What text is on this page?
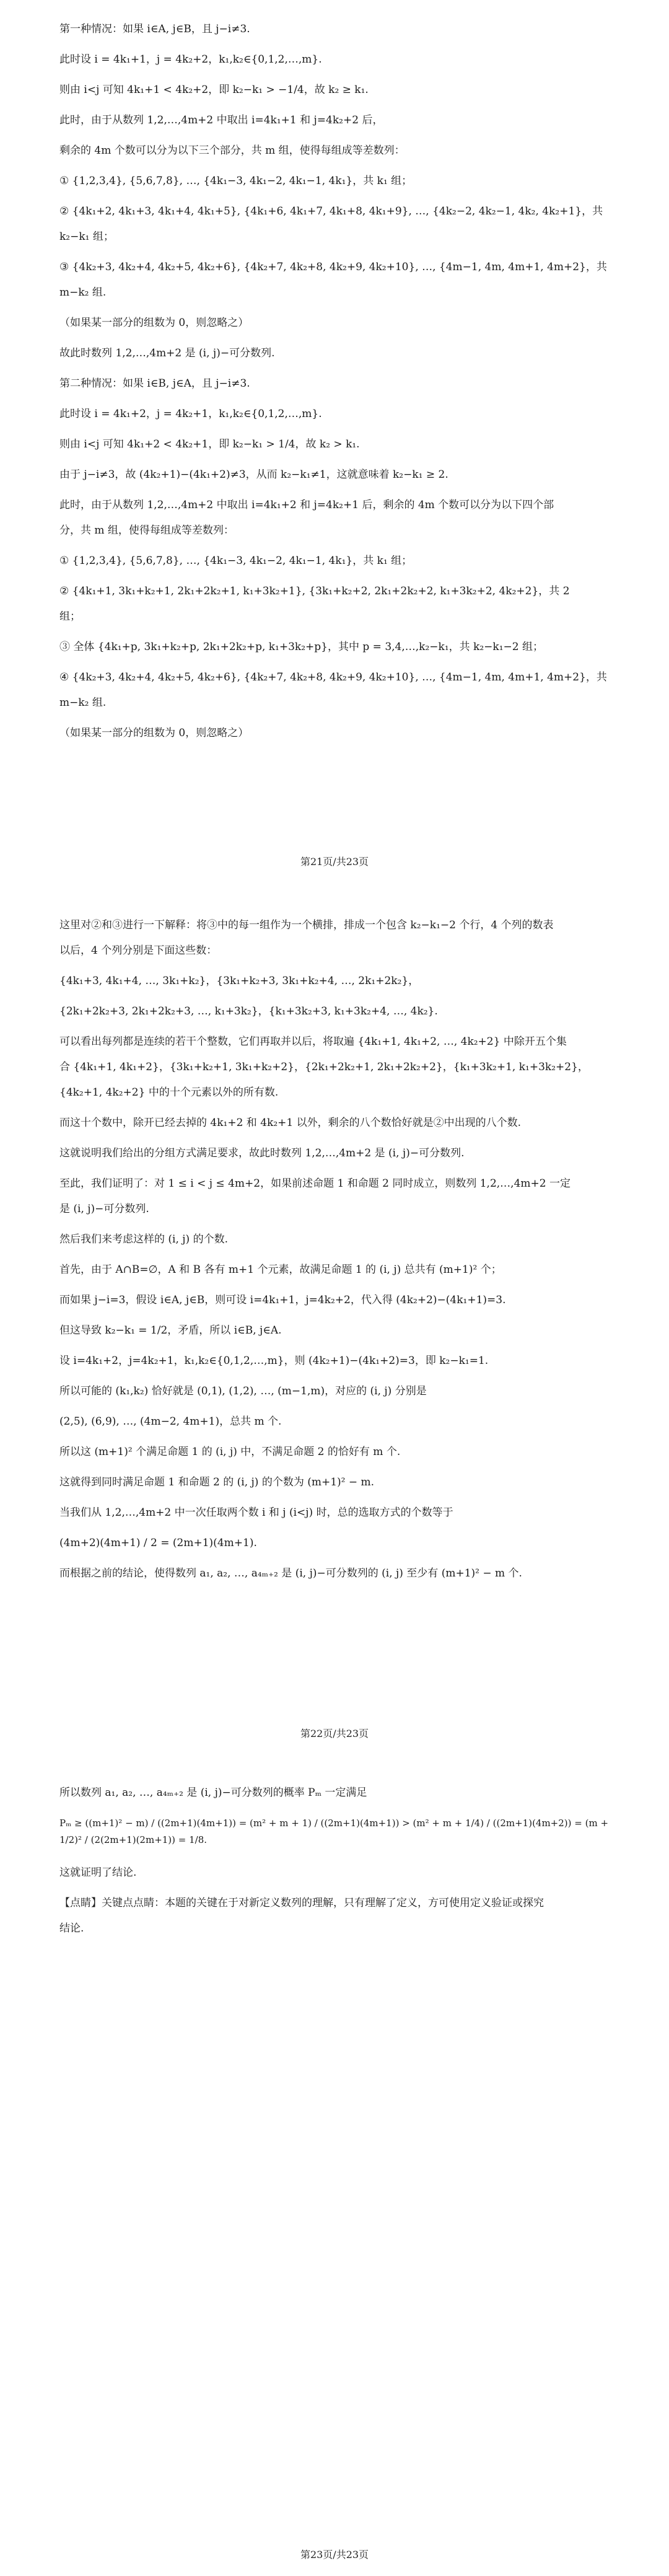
第一种情况：如果 i∈A, j∈B，且 j−i≠3.

此时设 i = 4k₁+1，j = 4k₂+2，k₁,k₂∈{0,1,2,…,m}.

则由 i<j 可知 4k₁+1 < 4k₂+2，即 k₂−k₁ > −1/4，故 k₂ ≥ k₁.

此时，由于从数列 1,2,…,4m+2 中取出 i=4k₁+1 和 j=4k₂+2 后，

剩余的 4m 个数可以分为以下三个部分，共 m 组，使得每组成等差数列：

① {1,2,3,4}, {5,6,7,8}, …, {4k₁−3, 4k₁−2, 4k₁−1, 4k₁}，共 k₁ 组；

② {4k₁+2, 4k₁+3, 4k₁+4, 4k₁+5}, {4k₁+6, 4k₁+7, 4k₁+8, 4k₁+9}, …, {4k₂−2, 4k₂−1, 4k₂, 4k₂+1}，共

k₂−k₁ 组；

③ {4k₂+3, 4k₂+4, 4k₂+5, 4k₂+6}, {4k₂+7, 4k₂+8, 4k₂+9, 4k₂+10}, …, {4m−1, 4m, 4m+1, 4m+2}，共

m−k₂ 组.

（如果某一部分的组数为 0，则忽略之）

故此时数列 1,2,…,4m+2 是 (i, j)−可分数列.

第二种情况：如果 i∈B, j∈A，且 j−i≠3.

此时设 i = 4k₁+2，j = 4k₂+1，k₁,k₂∈{0,1,2,…,m}.

则由 i<j 可知 4k₁+2 < 4k₂+1，即 k₂−k₁ > 1/4，故 k₂ > k₁.

由于 j−i≠3，故 (4k₂+1)−(4k₁+2)≠3，从而 k₂−k₁≠1，这就意味着 k₂−k₁ ≥ 2.

此时，由于从数列 1,2,…,4m+2 中取出 i=4k₁+2 和 j=4k₂+1 后，剩余的 4m 个数可以分为以下四个部

分，共 m 组，使得每组成等差数列：

① {1,2,3,4}, {5,6,7,8}, …, {4k₁−3, 4k₁−2, 4k₁−1, 4k₁}，共 k₁ 组；

② {4k₁+1, 3k₁+k₂+1, 2k₁+2k₂+1, k₁+3k₂+1}, {3k₁+k₂+2, 2k₁+2k₂+2, k₁+3k₂+2, 4k₂+2}，共 2

组；

③ 全体 {4k₁+p, 3k₁+k₂+p, 2k₁+2k₂+p, k₁+3k₂+p}，其中 p = 3,4,…,k₂−k₁，共 k₂−k₁−2 组；

④ {4k₂+3, 4k₂+4, 4k₂+5, 4k₂+6}, {4k₂+7, 4k₂+8, 4k₂+9, 4k₂+10}, …, {4m−1, 4m, 4m+1, 4m+2}，共

m−k₂ 组.

（如果某一部分的组数为 0，则忽略之）

第21页/共23页

这里对②和③进行一下解释：将③中的每一组作为一个横排，排成一个包含 k₂−k₁−2 个行，4 个列的数表

以后，4 个列分别是下面这些数：

{4k₁+3, 4k₁+4, …, 3k₁+k₂}，{3k₁+k₂+3, 3k₁+k₂+4, …, 2k₁+2k₂}，

{2k₁+2k₂+3, 2k₁+2k₂+3, …, k₁+3k₂}，{k₁+3k₂+3, k₁+3k₂+4, …, 4k₂}.

可以看出每列都是连续的若干个整数，它们再取并以后，将取遍 {4k₁+1, 4k₁+2, …, 4k₂+2} 中除开五个集

合 {4k₁+1, 4k₁+2}，{3k₁+k₂+1, 3k₁+k₂+2}，{2k₁+2k₂+1, 2k₁+2k₂+2}，{k₁+3k₂+1, k₁+3k₂+2}，

{4k₂+1, 4k₂+2} 中的十个元素以外的所有数.

而这十个数中，除开已经去掉的 4k₁+2 和 4k₂+1 以外，剩余的八个数恰好就是②中出现的八个数.

这就说明我们给出的分组方式满足要求，故此时数列 1,2,…,4m+2 是 (i, j)−可分数列.

至此，我们证明了：对 1 ≤ i < j ≤ 4m+2，如果前述命题 1 和命题 2 同时成立，则数列 1,2,…,4m+2 一定

是 (i, j)−可分数列.

然后我们来考虑这样的 (i, j) 的个数.

首先，由于 A∩B=∅，A 和 B 各有 m+1 个元素，故满足命题 1 的 (i, j) 总共有 (m+1)² 个；

而如果 j−i=3，假设 i∈A, j∈B，则可设 i=4k₁+1，j=4k₂+2，代入得 (4k₂+2)−(4k₁+1)=3.

但这导致 k₂−k₁ = 1/2，矛盾，所以 i∈B, j∈A.

设 i=4k₁+2，j=4k₂+1，k₁,k₂∈{0,1,2,…,m}，则 (4k₂+1)−(4k₁+2)=3，即 k₂−k₁=1.

所以可能的 (k₁,k₂) 恰好就是 (0,1), (1,2), …, (m−1,m)，对应的 (i, j) 分别是

(2,5), (6,9), …, (4m−2, 4m+1)，总共 m 个.

所以这 (m+1)² 个满足命题 1 的 (i, j) 中，不满足命题 2 的恰好有 m 个.

这就得到同时满足命题 1 和命题 2 的 (i, j) 的个数为 (m+1)² − m.

当我们从 1,2,…,4m+2 中一次任取两个数 i 和 j (i<j) 时，总的选取方式的个数等于

(4m+2)(4m+1) / 2 = (2m+1)(4m+1).

而根据之前的结论，使得数列 a₁, a₂, …, a₄ₘ₊₂ 是 (i, j)−可分数列的 (i, j) 至少有 (m+1)² − m 个.

第22页/共23页

所以数列 a₁, a₂, …, a₄ₘ₊₂ 是 (i, j)−可分数列的概率 Pₘ 一定满足

Pₘ ≥ ((m+1)² − m) / ((2m+1)(4m+1)) = (m² + m + 1) / ((2m+1)(4m+1)) > (m² + m + 1/4) / ((2m+1)(4m+2)) = (m + 1/2)² / (2(2m+1)(2m+1)) = 1/8.

这就证明了结论.

【点睛】关键点点睛：本题的关键在于对新定义数列的理解，只有理解了定义，方可使用定义验证或探究

结论.

第23页/共23页
